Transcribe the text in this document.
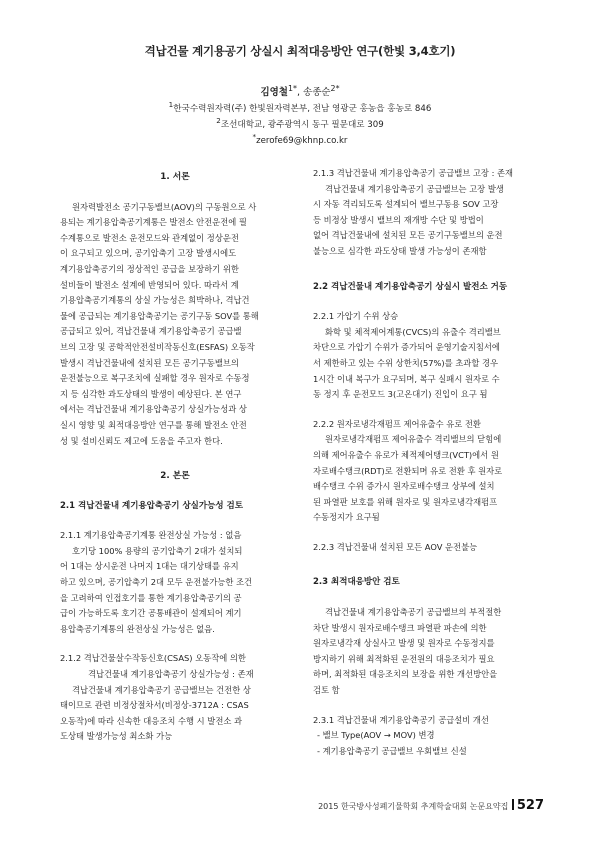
격납건물 계기용공기 상실시 최적대응방안 연구(한빛 3,4호기)
김영철$^{1*}$, 송종순$^{2*}$
$^1$한국수력원자력(주) 한빛원자력본부, 전남 영광군 홍농읍 홍농로 846
$^2$조선대학교, 광주광역시 동구 필문대로 309
*zerofe69@khnp.co.kr

1. 서론

원자력발전소 공기구동밸브(AOV)의 구동원으로 사

용되는 계기용압축공기계통은 발전소 안전운전에 필

수계통으로 발전소 운전모드와 관계없이 정상운전

이 요구되고 있으며, 공기압축기 고장 발생시에도

계기용압축공기의 정상적인 공급을 보장하기 위한

설비들이 발전소 설계에 반영되어 있다. 따라서 계

기용압축공기계통의 상실 가능성은 희박하나, 격납건

물에 공급되는 계기용압축공기는 공기구동 SOV를 통해

공급되고 있어, 격납건물내 계기용압축공기 공급밸

브의 고장 및 공학적안전설비작동신호(ESFAS) 오동작

발생시 격납건물내에 설치된 모든 공기구동밸브의

운전불능으로 복구조치에 실패할 경우 원자로 수동정

지 등 심각한 과도상태의 발생이 예상된다. 본 연구

에서는 격납건물내 계기용압축공기 상실가능성과 상

실시 영향 및 최적대응방안 연구를 통해 발전소 안전

성 및 설비신뢰도 제고에 도움을 주고자 한다.

2. 본론

2.1 격납건물내 계기용압축공기 상실가능성 검토

2.1.1 계기용압축공기계통 완전상실 가능성 : 없음

호기당 100% 용량의 공기압축기 2대가 설치되

어 1대는 상시운전 나머지 1대는 대기상태를 유지

하고 있으며, 공기압축기 2대 모두 운전불가능한 조건

을 고려하여 인접호기를 통한 계기용압축공기의 공

급이 가능하도록 호기간 공통배관이 설계되어 계기

용압축공기계통의 완전상실 가능성은 없음.

2.1.2 격납건물살수작동신호(CSAS) 오동작에 의한

격납건물내 계기용압축공기 상실가능성 : 존재

격납건물내 계기용압축공기 공급밸브는 건전한 상

태이므로 관련 비정상절차서(비정상-3712A : CSAS

오동작)에 따라 신속한 대응조치 수행 시 발전소 과

도상태 발생가능성 최소화 가능

2.1.3 격납건물내 계기용압축공기 공급밸브 고장 : 존재

격납건물내 계기용압축공기 공급밸브는 고장 발생

시 자동 격리되도록 설계되어 밸브구동용 SOV 고장

등 비정상 발생시 밸브의 재개방 수단 및 방법이

없어 격납건물내에 설치된 모든 공기구동밸브의 운전

불능으로 심각한 과도상태 발생 가능성이 존재함

2.2 격납건물내 계기용압축공기 상실시 발전소 거동

2.2.1 가압기 수위 상승

화학 및 체적제어계통(CVCS)의 유출수 격리밸브

차단으로 가압기 수위가 증가되어 운영기술지침서에

서 제한하고 있는 수위 상한치(57%)를 초과할 경우

1시간 이내 복구가 요구되며, 복구 실패시 원자로 수

동 정지 후 운전모드 3(고온대기) 진입이 요구 됨

2.2.2 원자로냉각재펌프 제어유출수 유로 전환

원자로냉각재펌프 제어유출수 격리밸브의 닫힘에

의해 제어유출수 유로가 체적제어탱크(VCT)에서 원

자로배수탱크(RDT)로 전환되며 유로 전환 후 원자로

배수탱크 수위 증가시 원자로배수탱크 상부에 설치

된 파열판 보호를 위해 원자로 및 원자로냉각재펌프

수동정지가 요구됨

2.2.3 격납건물내 설치된 모든 AOV 운전불능

2.3 최적대응방안 검토

격납건물내 계기용압축공기 공급밸브의 부적절한

차단 발생시 원자로배수탱크 파열판 파손에 의한

원자로냉각재 상실사고 발생 및 원자로 수동정지를

방지하기 위해 최적화된 운전원의 대응조치가 필요

하며, 최적화된 대응조치의 보장을 위한 개선방안을

검토 함

2.3.1 격납건물내 계기용압축공기 공급설비 개선

- 밸브 Type(AOV → MOV) 변경

- 계기용압축공기 공급밸브 우회밸브 신설

2015 한국방사성폐기물학회 추계학술대회 논문요약집 527
